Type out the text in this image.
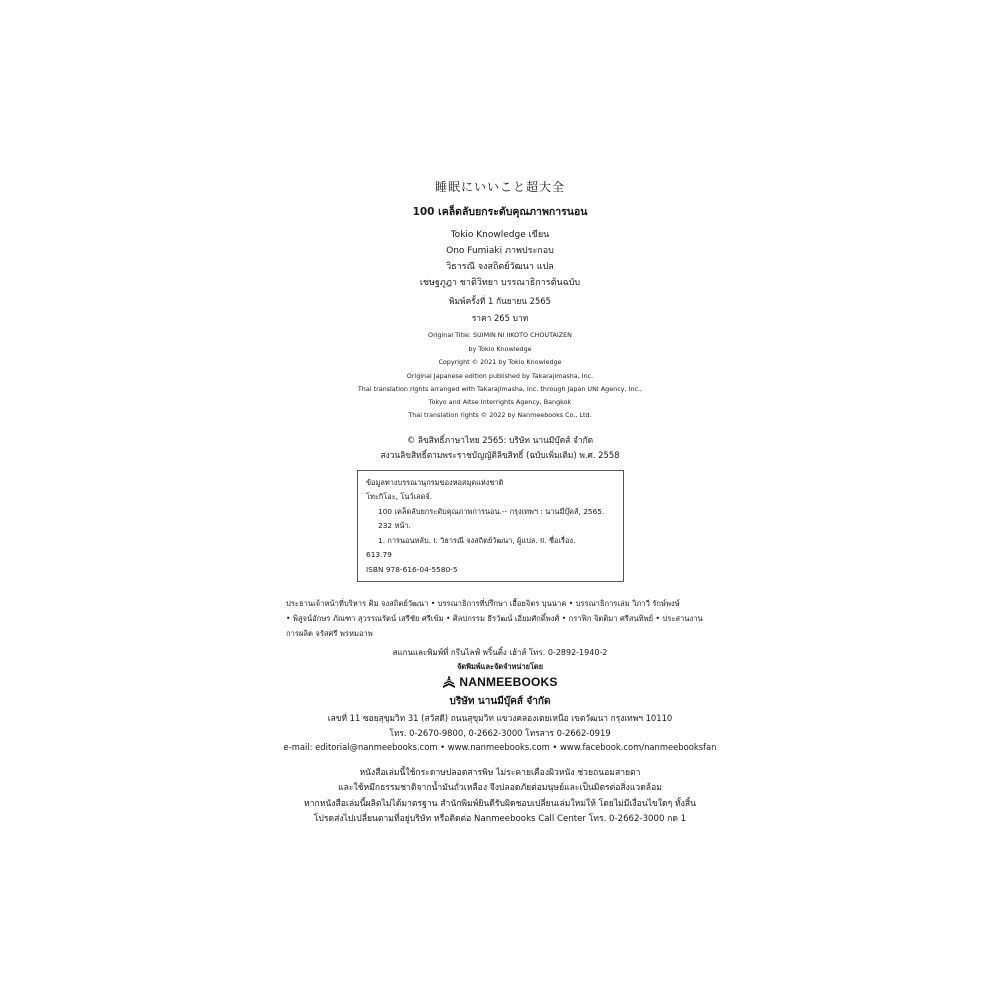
睡眠にいいこと超大全
100 เคล็ดลับยกระดับคุณภาพการนอน
Tokio Knowledge เขียน
Ono Fumiaki ภาพประกอบ
วิธารณี จงสถิตย์วัฒนา แปล
เชษฐภูฎา ชาติวิทยา บรรณาธิการต้นฉบับ
พิมพ์ครั้งที่ 1 กันยายน 2565
ราคา 265 บาท
Original Title: SUIMIN NI IIKOTO CHOUTAIZEN
by Tokio Knowledge
Copyright © 2021 by Tokio Knowledge
Original Japanese edition published by Takarajimasha, Inc.
Thai translation rights arranged with Takarajimasha, Inc. through Japan UNI Agency, Inc.,
Tokyo and Aitse Interrights Agency, Bangkok
Thai translation rights © 2022 by Nanmeebooks Co., Ltd.
© ลิขสิทธิ์ภาษาไทย 2565: บริษัท นานมีบุ๊คส์ จำกัด
สงวนลิขสิทธิ์ตามพระราชบัญญัติลิขสิทธิ์ (ฉบับเพิ่มเติม) พ.ศ. 2558
ข้อมูลทางบรรณานุกรมของหอสมุดแห่งชาติ
โทะกิโอะ, โนว์เลดจ์.
100 เคล็ดลับยกระดับคุณภาพการนอน.-- กรุงเทพฯ : นานมีบุ๊คส์, 2565.
232 หน้า.
1. การนอนหลับ. I. วิธารณี จงสถิตย์วัฒนา, ผู้แปล. II. ชื่อเรื่อง.
613.79
ISBN 978-616-04-5580-5
ประธานเจ้าหน้าที่บริหาร คิม จงสถิตย์วัฒนา • บรรณาธิการที่ปรึกษา เอื้อยจิตร บุนนาค • บรรณาธิการเล่ม วิภาวี รักษ์พงษ์
• พิสูจน์อักษร ภัณฑา สุวรรณรัตน์ เสรีชัย ศรีเข้ม • ศิลปกรรม ธีรวัฒน์ เอี่ยมศักดิ์พงศ์ • กราฟิก จิตติมา ศรีสนทิพย์ • ประสานงาน
การผลิต จรัสศรี พรหมอาพ
สแกนและพิมพ์ที่ กรีนไลฟ์ พริ้นติ้ง เฮ้าส์ โทร. 0-2892-1940-2
จัดพิมพ์และจัดจำหน่ายโดย
NANMEEBOOKS
บริษัท นานมีบุ๊คส์ จำกัด
เลขที่ 11 ซอยสุขุมวิท 31 (สวัสดี) ถนนสุขุมวิท แขวงคลองเตยเหนือ เขตวัฒนา กรุงเทพฯ 10110
โทร. 0-2670-9800, 0-2662-3000 โทรสาร 0-2662-0919
e-mail: editorial@nanmeebooks.com • www.nanmeebooks.com • www.facebook.com/nanmeebooksfan
หนังสือเล่มนี้ใช้กระดาษปลอดสารพิษ ไม่ระคายเคืองผิวหนัง ช่วยถนอมสายตา
และใช้หมึกธรรมชาติจากน้ำมันถั่วเหลือง จึงปลอดภัยต่อมนุษย์และเป็นมิตรต่อสิ่งแวดล้อม
หากหนังสือเล่มนี้ผลิตไม่ได้มาตรฐาน สำนักพิมพ์ยินดีรับผิดชอบเปลี่ยนเล่มใหม่ให้ โดยไม่มีเงื่อนไขใดๆ ทั้งสิ้น
โปรดส่งไปเปลี่ยนตามที่อยู่บริษัท หรือติดต่อ Nanmeebooks Call Center โทร. 0-2662-3000 กด 1
